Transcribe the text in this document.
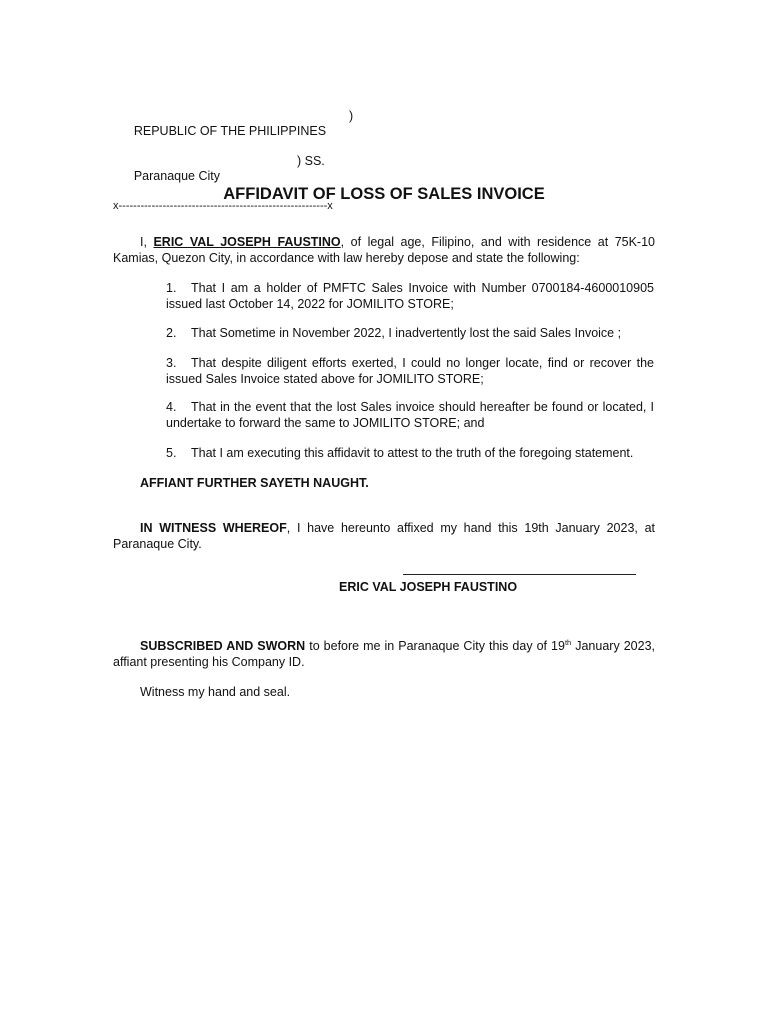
REPUBLIC OF THE PHILIPPINES

)

Paranaque City

) SS.

x---------------------------------------------------------x

AFFIDAVIT OF LOSS OF SALES INVOICE
I, ERIC VAL JOSEPH FAUSTINO, of legal age, Filipino, and with residence at 75K-10 Kamias, Quezon City, in accordance with law hereby depose and state the following:
1. That I am a holder of PMFTC Sales Invoice with Number 0700184-4600010905 issued last October 14, 2022 for JOMILITO STORE;
2. That Sometime in November 2022, I inadvertently lost the said Sales Invoice ;
3. That despite diligent efforts exerted, I could no longer locate, find or recover the issued Sales Invoice stated above for JOMILITO STORE;
4. That in the event that the lost Sales invoice should hereafter be found or located, I undertake to forward the same to JOMILITO STORE; and
5. That I am executing this affidavit to attest to the truth of the foregoing statement.
AFFIANT FURTHER SAYETH NAUGHT.
IN WITNESS WHEREOF, I have hereunto affixed my hand this 19th January 2023, at Paranaque City.
ERIC VAL JOSEPH FAUSTINO
SUBSCRIBED AND SWORN to before me in Paranaque City this day of 19th January 2023, affiant presenting his Company ID.
Witness my hand and seal.
